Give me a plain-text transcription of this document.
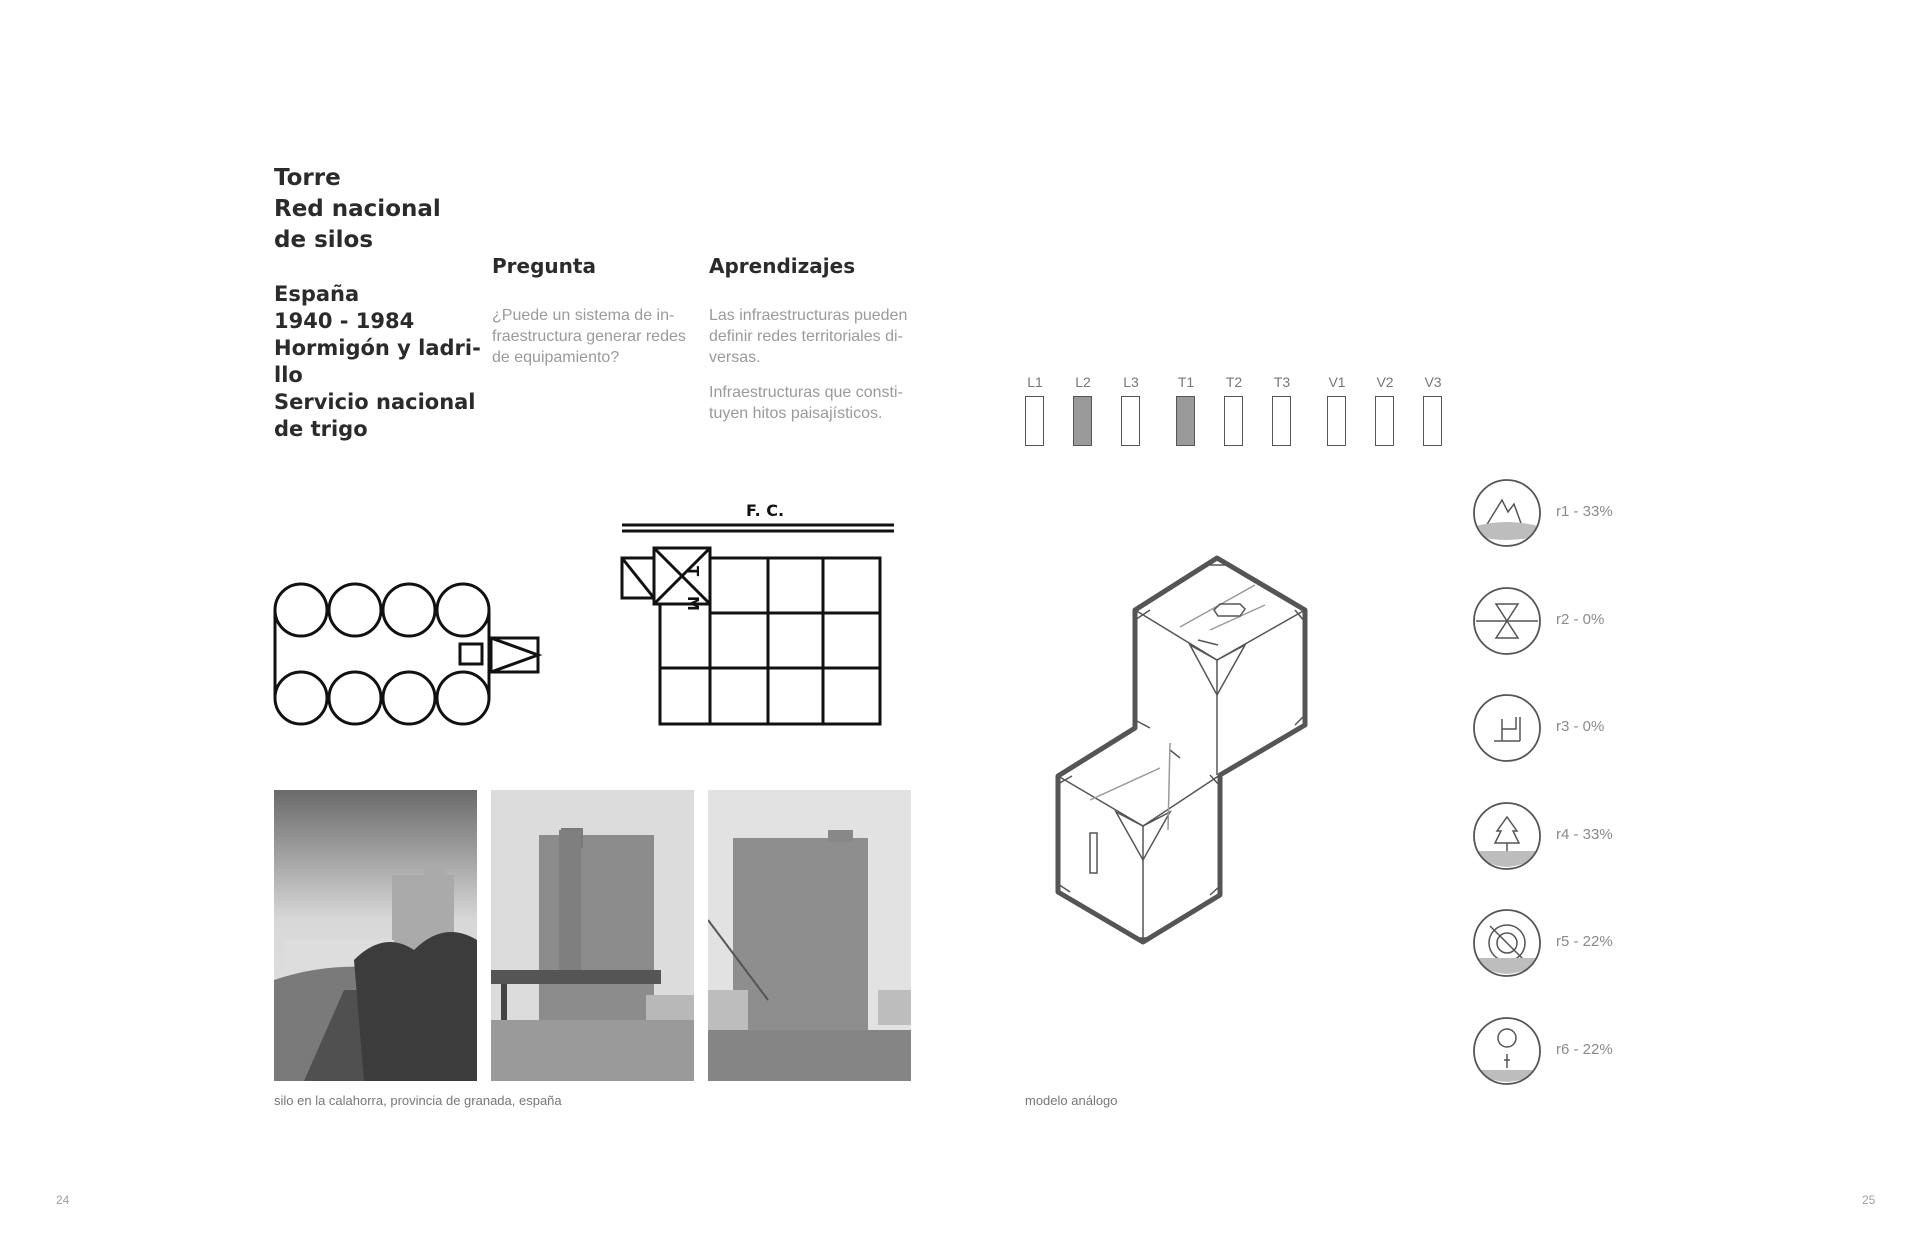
Torre
Red nacional
de silos
España
1940 - 1984
Hormigón y ladri-
llo
Servicio nacional
de trigo
Pregunta

¿Puede un sistema de in-fraestructura generar redes de equipamiento?

Aprendizajes

Las infraestructuras pueden definir redes territoriales di-versas.

Infraestructuras que consti-tuyen hitos paisajísticos.

F. C.
T
M
silo en la calahorra, provincia de granada, españa
L1	L2	L3	T1 T2 T3	V1 V2 V3
modelo análogo
r1 - 33%
r2 - 0%
r3 - 0%
r4 - 33%
r5 - 22%
r6 - 22%
24	25
